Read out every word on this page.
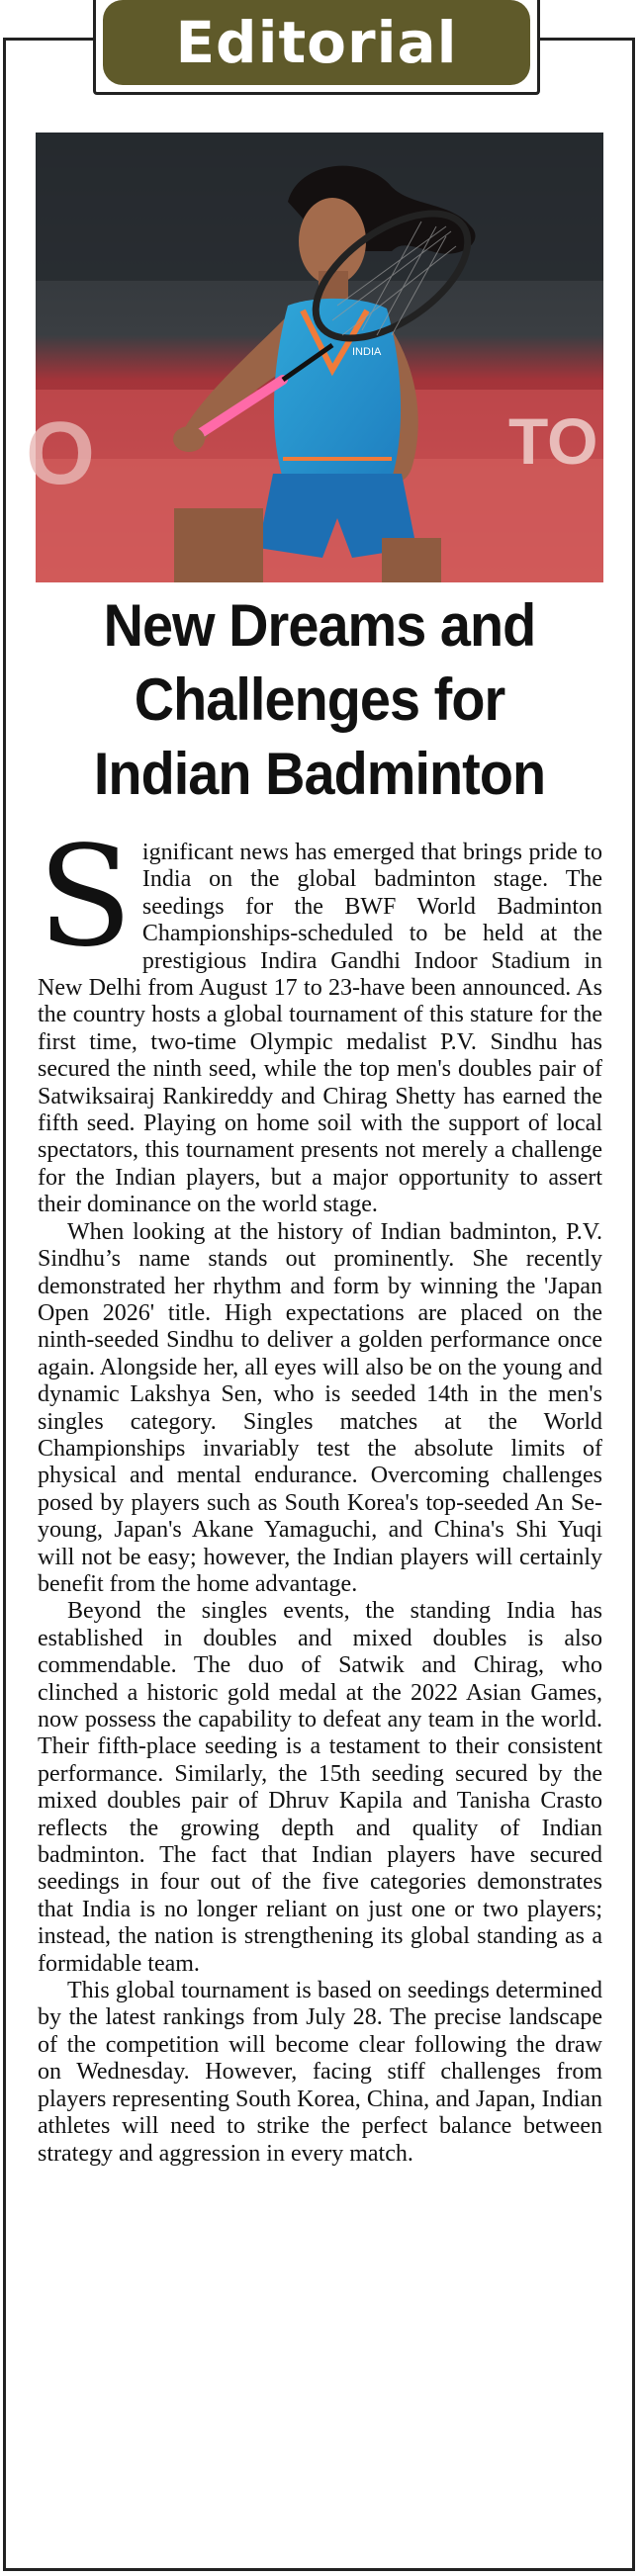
Editorial
O	TO
INDIA
New Dreams and Challenges for Indian Badminton

Significant news has emerged that brings pride to India on the global badminton stage. The seedings for the BWF World Badminton Championships-scheduled to be held at the prestigious Indira Gandhi Indoor Stadium in New Delhi from August 17 to 23-have been announced. As the country hosts a global tournament of this stature for the first time, two-time Olympic medalist P.V. Sindhu has secured the ninth seed, while the top men's doubles pair of Satwiksairaj Rankireddy and Chirag Shetty has earned the fifth seed. Playing on home soil with the support of local spectators, this tournament presents not merely a challenge for the Indian players, but a major opportunity to assert their dominance on the world stage.

When looking at the history of Indian badminton, P.V. Sindhu’s name stands out prominently. She recently demonstrated her rhythm and form by winning the 'Japan Open 2026' title. High expectations are placed on the ninth-seeded Sindhu to deliver a golden performance once again. Alongside her, all eyes will also be on the young and dynamic Lakshya Sen, who is seeded 14th in the men's singles category. Singles matches at the World Championships invariably test the absolute limits of physical and mental endurance. Overcoming challenges posed by players such as South Korea's top-seeded An Se-young, Japan's Akane Yamaguchi, and China's Shi Yuqi will not be easy; however, the Indian players will certainly benefit from the home advantage.

Beyond the singles events, the standing India has established in doubles and mixed doubles is also commendable. The duo of Satwik and Chirag, who clinched a historic gold medal at the 2022 Asian Games, now possess the capability to defeat any team in the world. Their fifth-place seeding is a testament to their consistent performance. Similarly, the 15th seeding secured by the mixed doubles pair of Dhruv Kapila and Tanisha Crasto reflects the growing depth and quality of Indian badminton. The fact that Indian players have secured seedings in four out of the five categories demonstrates that India is no longer reliant on just one or two players; instead, the nation is strengthening its global standing as a formidable team.

This global tournament is based on seedings determined by the latest rankings from July 28. The precise landscape of the competition will become clear following the draw on Wednesday. However, facing stiff challenges from players representing South Korea, China, and Japan, Indian athletes will need to strike the perfect balance between strategy and aggression in every match.
